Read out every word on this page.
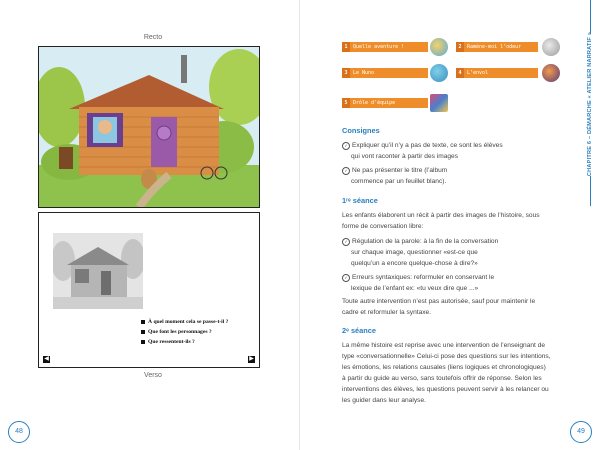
Recto
À quel moment cela se passe-t-il ?
Que font les personnages ?
Que ressentent-ils ?
◀	▶
Verso
48
1 Quelle aventure !	2 Ramène-moi l’odeur mystérieuse
3 Le Nuno	4 L’envol
5 Drôle d’équipe	CHAPITRE 6 – DÉMARCHE « ATELIER NARRATIF »
Consignes
✓ Expliquer qu’il n’y a pas de texte, ce sont les élèves
qui vont raconter à partir des images
✓ Ne pas présenter le titre (l’album
commence par un feuillet blanc).
1ʳᵉ séance
Les enfants élaborent un récit à partir des images de l’histoire, sous
forme de conversation libre:
✓ Régulation de la parole: à la fin de la conversation
sur chaque image, questionner «est-ce que
quelqu’un a encore quelque-chose à dire?»
✓ Erreurs syntaxiques: reformuler en conservant le
lexique de l’enfant ex: «tu veux dire que ...»
Toute autre intervention n’est pas autorisée, sauf pour maintenir le
cadre et reformuler la syntaxe.
2ᵉ séance
La même histoire est reprise avec une intervention de l’enseignant de
type «conversationnelle» Celui-ci pose des questions sur les intentions,
les émotions, les relations causales (liens logiques et chronologiques)
à partir du guide au verso, sans toutefois offrir de réponse. Selon les
interventions des élèves, les questions peuvent servir à les relancer ou
les guider dans leur analyse.
49
